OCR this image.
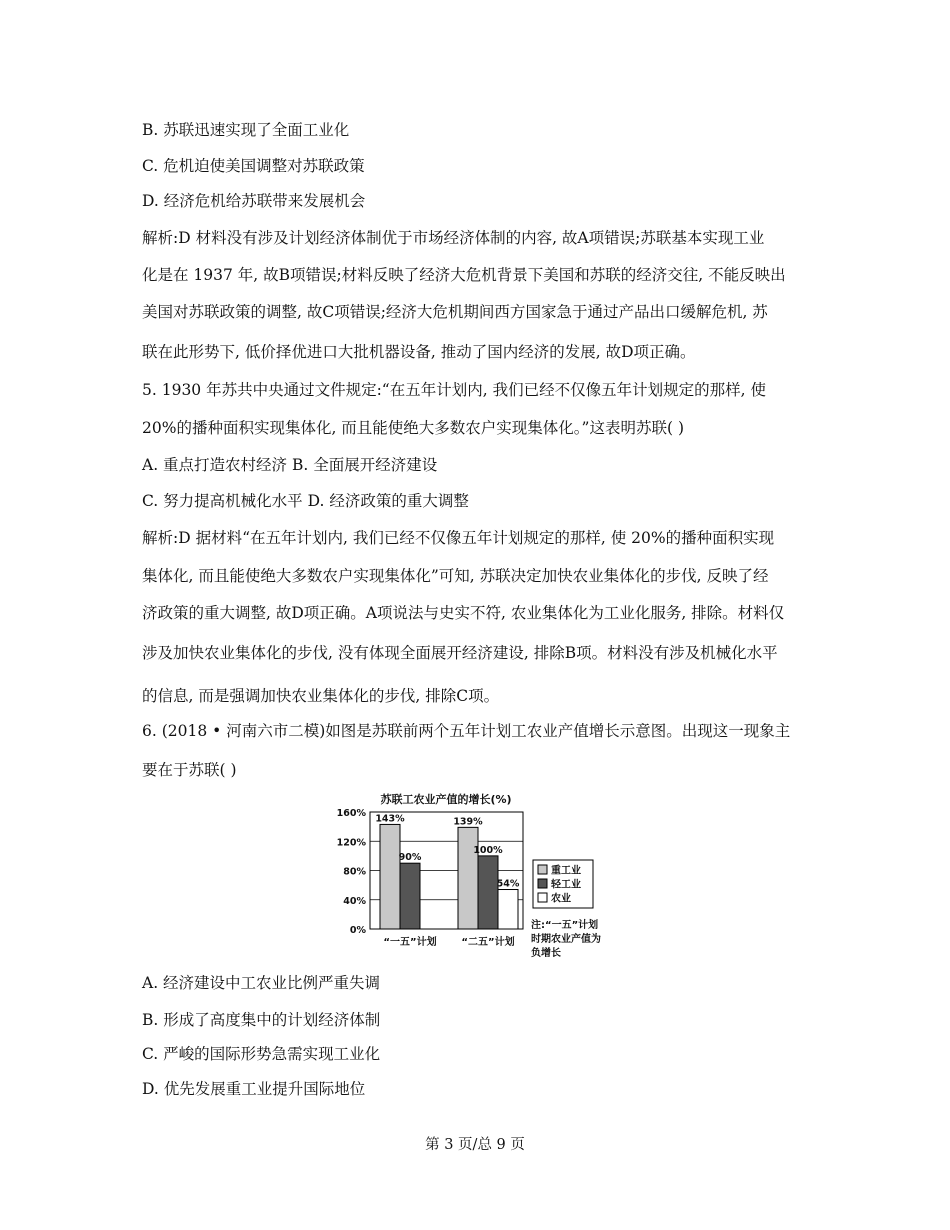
B. 苏联迅速实现了全面工业化
C. 危机迫使美国调整对苏联政策
D. 经济危机给苏联带来发展机会
解析:D 材料没有涉及计划经济体制优于市场经济体制的内容, 故A项错误;苏联基本实现工业
化是在 1937 年, 故B项错误;材料反映了经济大危机背景下美国和苏联的经济交往, 不能反映出
美国对苏联政策的调整, 故C项错误;经济大危机期间西方国家急于通过产品出口缓解危机, 苏
联在此形势下, 低价择优进口大批机器设备, 推动了国内经济的发展, 故D项正确。
5. 1930 年苏共中央通过文件规定:“在五年计划内, 我们已经不仅像五年计划规定的那样, 使
20%的播种面积实现集体化, 而且能使绝大多数农户实现集体化。”这表明苏联( )
A. 重点打造农村经济 B. 全面展开经济建设
C. 努力提高机械化水平 D. 经济政策的重大调整
解析:D 据材料“在五年计划内, 我们已经不仅像五年计划规定的那样, 使 20%的播种面积实现
集体化, 而且能使绝大多数农户实现集体化”可知, 苏联决定加快农业集体化的步伐, 反映了经
济政策的重大调整, 故D项正确。A项说法与史实不符, 农业集体化为工业化服务, 排除。材料仅
涉及加快农业集体化的步伐, 没有体现全面展开经济建设, 排除B项。材料没有涉及机械化水平
的信息, 而是强调加快农业集体化的步伐, 排除C项。
6. (2018 • 河南六市二模)如图是苏联前两个五年计划工农业产值增长示意图。出现这一现象主
要在于苏联( )
A. 经济建设中工农业比例严重失调
B. 形成了高度集中的计划经济体制
C. 严峻的国际形势急需实现工业化
D. 优先发展重工业提升国际地位
苏联工农业产值的增长(%)
0%
40%
80%
120%
160% 143%
90%
“一五”计划
139%
100%
54%
“二五”计划
重工业
轻工业
农业
注:“一五”计划
时期农业产值为
负增长
第 3 页/总 9 页
